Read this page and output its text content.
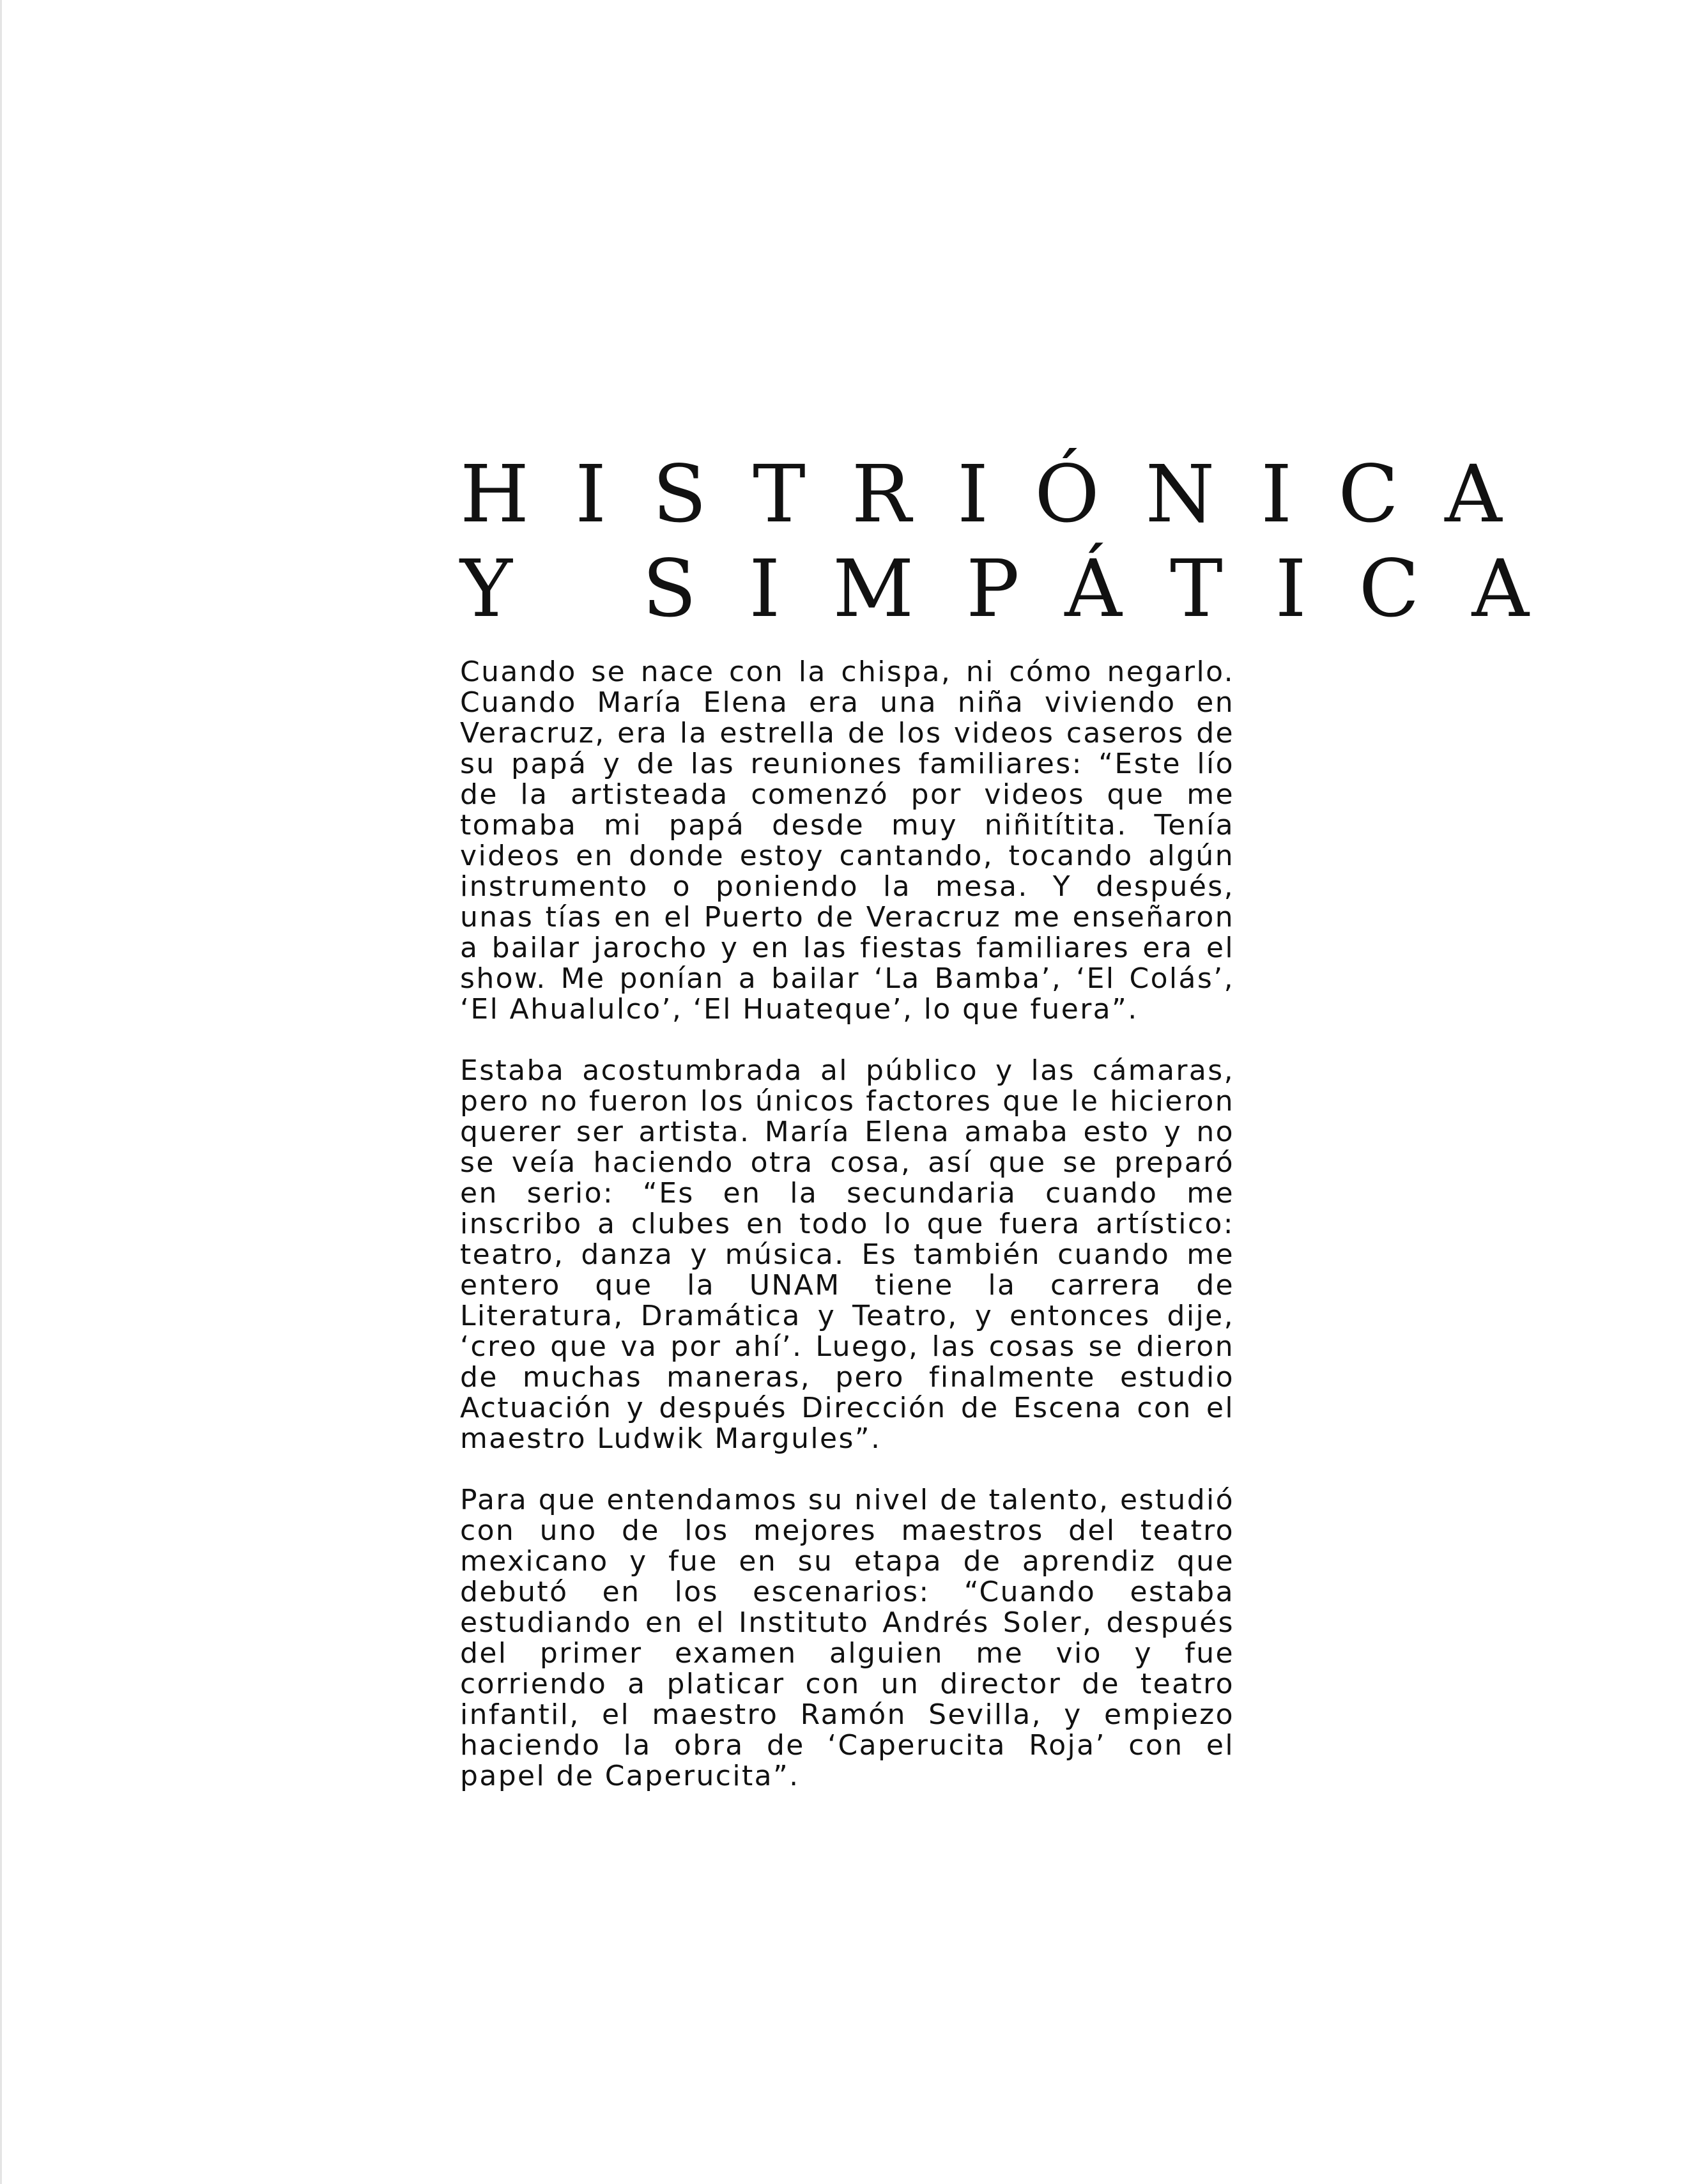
HISTRIÓNICA
Y SIMPÁTICA

Cuando se nace con la chispa, ni cómo negarlo. Cuando María Elena era una niña viviendo en Veracruz, era la estrella de los videos caseros de su papá y de las reuniones familiares: “Este lío de la artisteada comenzó por videos que me tomaba mi papá desde muy niñitítita. Tenía videos en donde estoy cantando, tocando algún instrumento o poniendo la mesa. Y después, unas tías en el Puerto de Veracruz me enseñaron a bailar jarocho y en las fiestas familiares era el show. Me ponían a bailar ‘La Bamba’, ‘El Colás’, ‘El Ahualulco’, ‘El Huateque’, lo que fuera”.

Estaba acostumbrada al público y las cámaras, pero no fueron los únicos factores que le hicieron querer ser artista. María Elena amaba esto y no se veía haciendo otra cosa, así que se preparó en serio: “Es en la secundaria cuando me inscribo a clubes en todo lo que fuera artístico: teatro, danza y música. Es también cuando me entero que la UNAM tiene la carrera de Literatura, Dramática y Teatro, y entonces dije, ‘creo que va por ahí’. Luego, las cosas se dieron de muchas maneras, pero finalmente estudio Actuación y después Dirección de Escena con el maestro Ludwik Margules”.

Para que entendamos su nivel de talento, estudió con uno de los mejores maestros del teatro mexicano y fue en su etapa de aprendiz que debutó en los escenarios: “Cuando estaba estudiando en el Instituto Andrés Soler, después del primer examen alguien me vio y fue corriendo a platicar con un director de teatro infantil, el maestro Ramón Sevilla, y empiezo haciendo la obra de ‘Caperucita Roja’ con el papel de Caperucita”.
